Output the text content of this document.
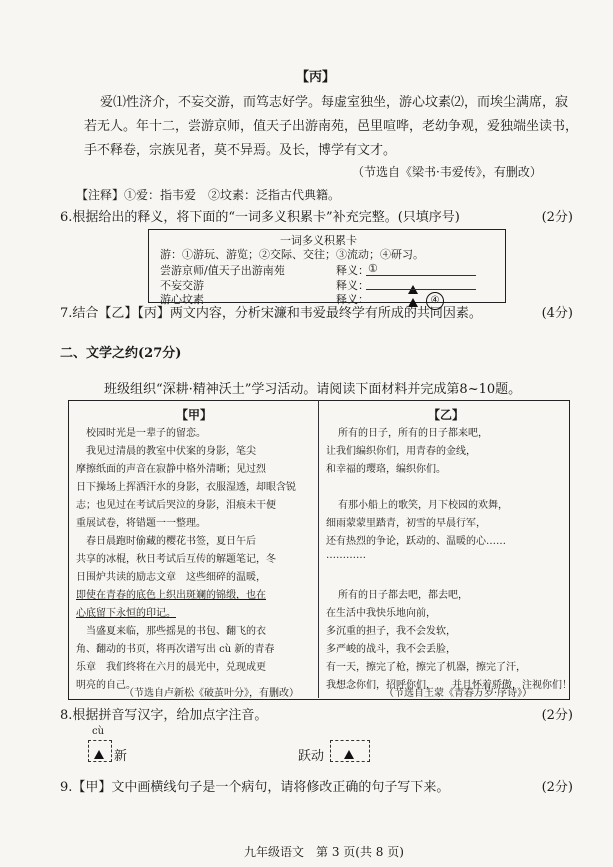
【丙】
爱⑴性济介，不妄交游，而笃志好学。每虚室独坐，游心坟素⑵，而埃尘满席，寂
若无人。年十二，尝游京师，值天子出游南苑，邑里喧哗，老幼争观，爱独端坐读书，
手不释卷，宗族见者，莫不异焉。及长，博学有文才。
（节选自《梁书·韦爱传》，有删改）
【注释】①爱：指韦爱　②坟素：泛指古代典籍。
6.根据给出的释义，将下面的“一词多义积累卡”补充完整。(只填序号)	(2分)
一词多义积累卡
游：①游玩、游览；②交际、交往；③流动；④研习。
尝游京师/值天子出游南苑	释义： ①
不妄交游	释义：
游心坟素	释义：	④
7.结合【乙】【丙】两文内容，分析宋濂和韦爱最终学有所成的共同因素。	(4分)
二、文学之约(27分)
班级组织“深耕·精神沃土”学习活动。请阅读下面材料并完成第8~10题。
【甲】
校园时光是一辈子的留恋。
我见过清晨的教室中伏案的身影，笔尖
摩擦纸面的声音在寂静中格外清晰；见过烈
日下操场上挥洒汗水的身影，衣服湿透，却眼含锐
志；也见过在考试后哭泣的身影，泪痕未干便
重展试卷，将错题一一整理。
春日晨跑时偷藏的樱花书签，夏日午后
共享的冰棍，秋日考试后互传的解题笔记，冬
日围炉共读的励志文章　这些细碎的温暖，
即使在青春的底色上织出斑斓的锦缎，也在
心底留下永恒的印记。
当盛夏来临，那些摇晃的书包、翻飞的衣
角、翻动的书页，将再次谱写出 cù 新的青春
乐章　我们终将在六月的晨光中，兑现成更
明亮的自己。
（节选自卢新松《破茧叶分》，有删改）
【乙】
所有的日子，所有的日子都来吧，
让我们编织你们，用青春的金线，
和幸福的璎珞，编织你们。
有那小船上的歌笑，月下校园的欢舞，
细雨蒙蒙里踏青，初雪的早晨行军，
还有热烈的争论，跃动的、温暖的心……
…………
所有的日子都去吧，都去吧，
在生活中我快乐地向前，
多沉重的担子，我不会发软，
多严峻的战斗，我不会丢脸，
有一天，擦完了枪，擦完了机器，擦完了汗，
我想念你们，招呼你们， 并且怀着骄傲，注视你们！
（节选自王蒙《青春万岁·序诗》）
8.根据拼音写汉字，给加点字注音。	(2分)
cù
新	跃动
9.【甲】文中画横线句子是一个病句，请将修改正确的句子写下来。	(2分)
九年级语文　第 3 页(共 8 页)
